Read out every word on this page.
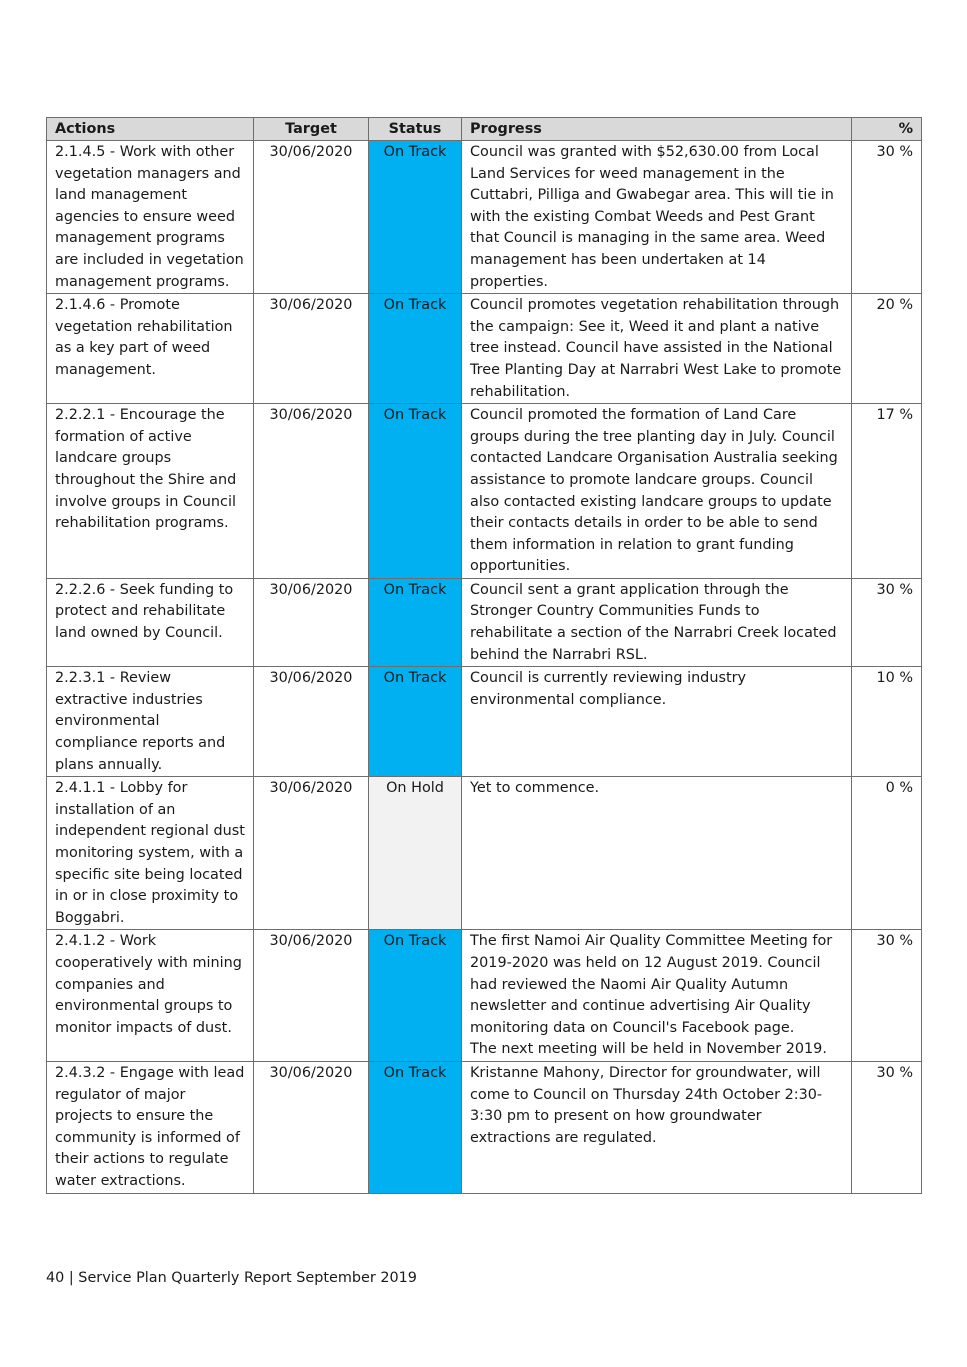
Actions	Target	Status	Progress	%
2.1.4.5 - Work with other vegetation managers and land management agencies to ensure weed management programs are included in vegetation management programs.	30/06/2020	On Track	Council was granted with $52,630.00 from Local Land Services for weed management in the Cuttabri, Pilliga and Gwabegar area. This will tie in with the existing Combat Weeds and Pest Grant that Council is managing in the same area. Weed management has been undertaken at 14 properties.	30 %
2.1.4.6 - Promote vegetation rehabilitation as a key part of weed management.	30/06/2020	On Track	Council promotes vegetation rehabilitation through the campaign: See it, Weed it and plant a native tree instead. Council have assisted in the National Tree Planting Day at Narrabri West Lake to promote rehabilitation.	20 %
2.2.2.1 - Encourage the formation of active landcare groups throughout the Shire and involve groups in Council rehabilitation programs.	30/06/2020	On Track	Council promoted the formation of Land Care groups during the tree planting day in July. Council contacted Landcare Organisation Australia seeking assistance to promote landcare groups. Council also contacted existing landcare groups to update their contacts details in order to be able to send them information in relation to grant funding opportunities.	17 %
2.2.2.6 - Seek funding to protect and rehabilitate land owned by Council.	30/06/2020	On Track	Council sent a grant application through the Stronger Country Communities Funds to rehabilitate a section of the Narrabri Creek located behind the Narrabri RSL.	30 %
2.2.3.1 - Review extractive industries environmental compliance reports and plans annually.	30/06/2020	On Track	Council is currently reviewing industry environmental compliance.	10 %
2.4.1.1 - Lobby for installation of an independent regional dust monitoring system, with a specific site being located in or in close proximity to Boggabri.	30/06/2020	On Hold	Yet to commence.	0 %
2.4.1.2 - Work cooperatively with mining companies and environmental groups to monitor impacts of dust.	30/06/2020	On Track	The first Namoi Air Quality Committee Meeting for 2019-2020 was held on 12 August 2019. Council had reviewed the Naomi Air Quality Autumn newsletter and continue advertising Air Quality monitoring data on Council's Facebook page.
The next meeting will be held in November 2019.	30 %
2.4.3.2 - Engage with lead regulator of major projects to ensure the community is informed of their actions to regulate water extractions.	30/06/2020	On Track	Kristanne Mahony, Director for groundwater, will come to Council on Thursday 24th October 2:30-3:30 pm to present on how groundwater extractions are regulated.	30 %
40 | Service Plan Quarterly Report September 2019
